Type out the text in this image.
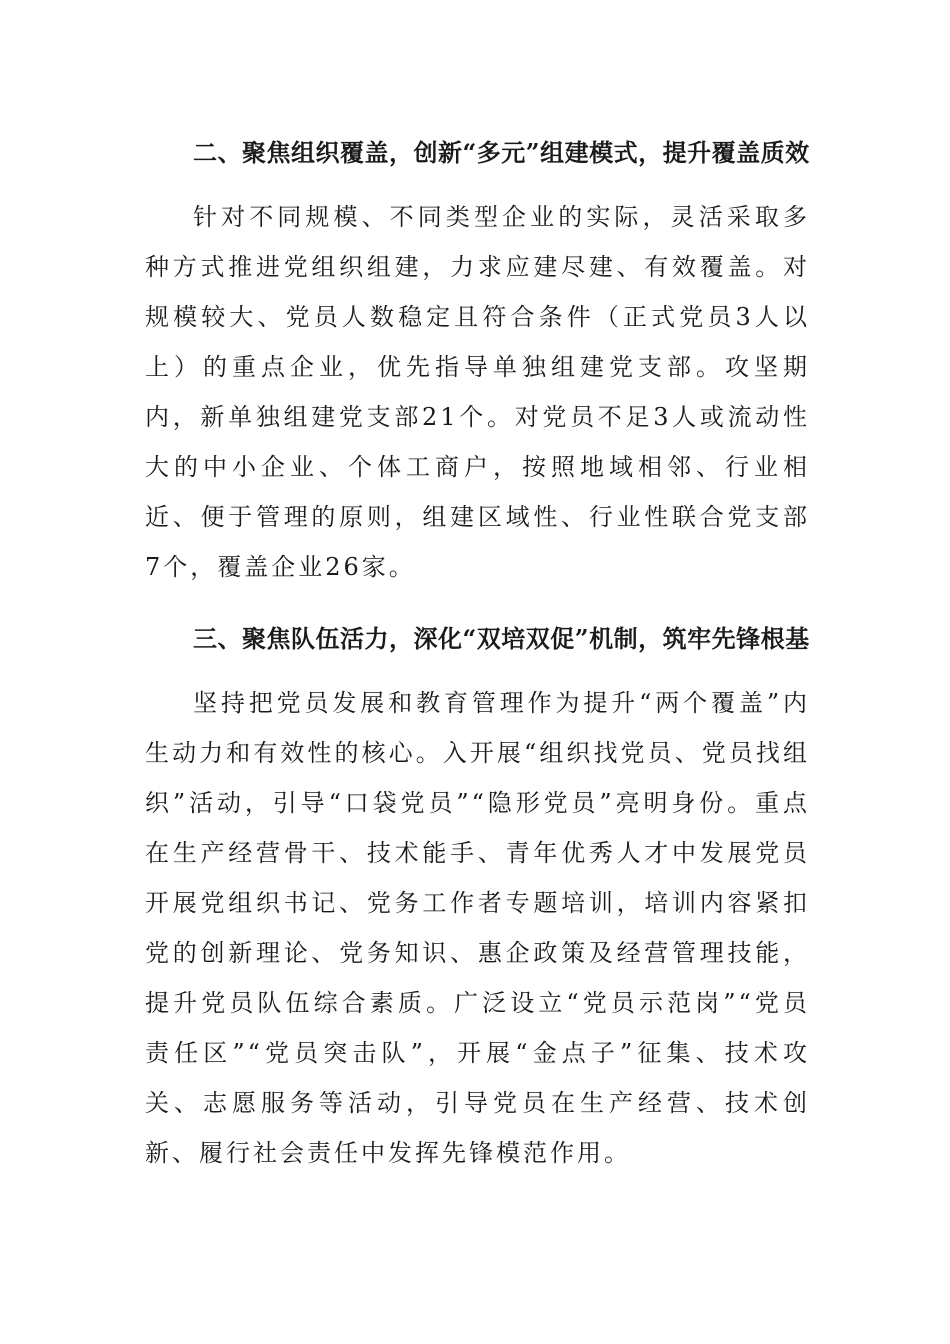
二、聚焦组织覆盖，创新“多元”组建模式，提升覆盖质效

针对不同规模、不同类型企业的实际，灵活采取多种方式推进党组织组建，力求应建尽建、有效覆盖。对规模较大、党员人数稳定且符合条件（正式党员3人以上）的重点企业，优先指导单独组建党支部。攻坚期内，新单独组建党支部21个。对党员不足3人或流动性大的中小企业、个体工商户，按照地域相邻、行业相近、便于管理的原则，组建区域性、行业性联合党支部7个，覆盖企业26家。

三、聚焦队伍活力，深化“双培双促”机制，筑牢先锋根基

坚持把党员发展和教育管理作为提升“两个覆盖”内生动力和有效性的核心。入开展“组织找党员、党员找组织”活动，引导“口袋党员”“隐形党员”亮明身份。重点在生产经营骨干、技术能手、青年优秀人才中发展党员开展党组织书记、党务工作者专题培训，培训内容紧扣党的创新理论、党务知识、惠企政策及经营管理技能，提升党员队伍综合素质。广泛设立“党员示范岗”“党员责任区”“党员突击队”，开展“金点子”征集、技术攻关、志愿服务等活动，引导党员在生产经营、技术创新、履行社会责任中发挥先锋模范作用。
